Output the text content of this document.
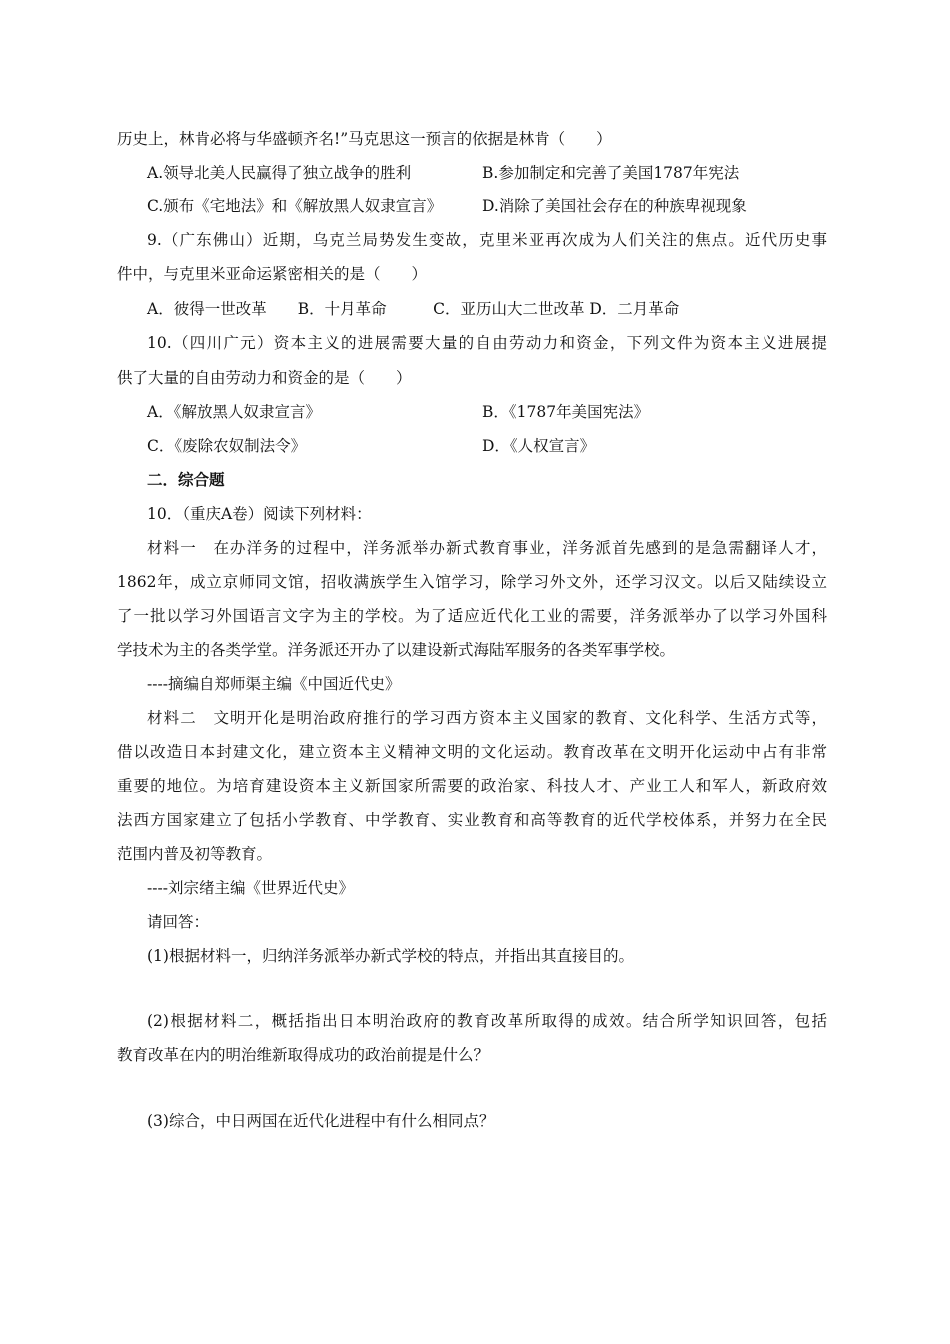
历史上，林肯必将与华盛顿齐名!”马克思这一预言的依据是林肯（　　）
A.领导北美人民赢得了独立战争的胜利	B.参加制定和完善了美国1787年宪法
C.颁布《宅地法》和《解放黑人奴隶宣言》	D.消除了美国社会存在的种族卑视现象
9.（广东佛山）近期，乌克兰局势发生变故，克里米亚再次成为人们关注的焦点。近代历史事
件中，与克里米亚命运紧密相关的是（　　）
A．彼得一世改革　　B．十月革命　　　C．亚历山大二世改革 D．二月革命
10.（四川广元）资本主义的进展需要大量的自由劳动力和资金，下列文件为资本主义进展提
供了大量的自由劳动力和资金的是（　　）
A．《解放黑人奴隶宣言》	B．《1787年美国宪法》
C．《废除农奴制法令》	D．《人权宣言》
二．综合题
10．（重庆A卷）阅读下列材料：
材料一　在办洋务的过程中，洋务派举办新式教育事业，洋务派首先感到的是急需翻译人才，
1862年，成立京师同文馆，招收满族学生入馆学习，除学习外文外，还学习汉文。以后又陆续设立
了一批以学习外国语言文字为主的学校。为了适应近代化工业的需要，洋务派举办了以学习外国科
学技术为主的各类学堂。洋务派还开办了以建设新式海陆军服务的各类军事学校。
----摘编自郑师渠主编《中国近代史》
材料二　文明开化是明治政府推行的学习西方资本主义国家的教育、文化科学、生活方式等，
借以改造日本封建文化，建立资本主义精神文明的文化运动。教育改革在文明开化运动中占有非常
重要的地位。为培育建设资本主义新国家所需要的政治家、科技人才、产业工人和军人，新政府效
法西方国家建立了包括小学教育、中学教育、实业教育和高等教育的近代学校体系，并努力在全民
范围内普及初等教育。
----刘宗绪主编《世界近代史》
请回答：
(1)根据材料一，归纳洋务派举办新式学校的特点，并指出其直接目的。
(2)根据材料二，概括指出日本明治政府的教育改革所取得的成效。结合所学知识回答，包括
教育改革在内的明治维新取得成功的政治前提是什么？
(3)综合，中日两国在近代化进程中有什么相同点？
